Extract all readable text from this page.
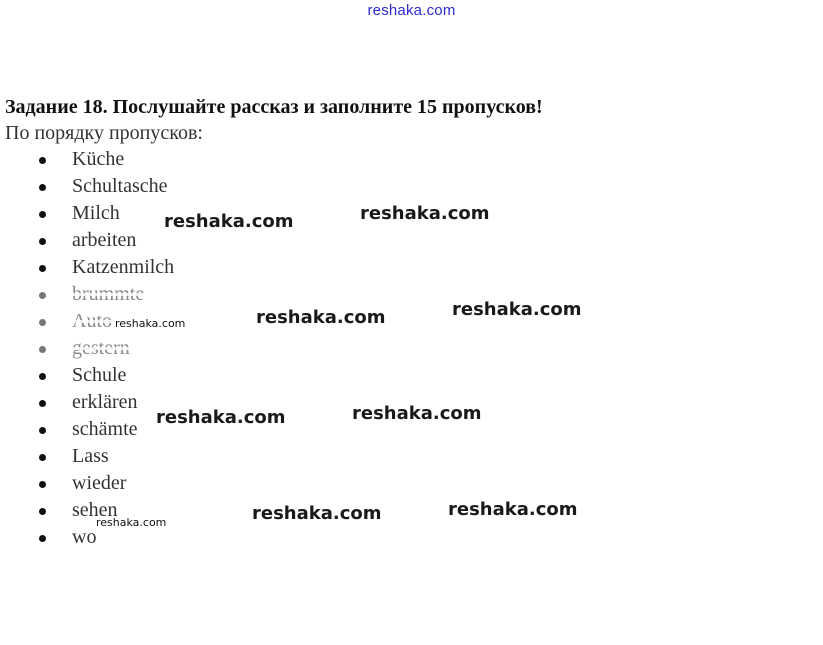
reshaka.com
Задание 18. Послушайте рассказ и заполните 15 пропусков!

По порядку пропусков:

Küche
Schultasche
Milch
arbeiten
Katzenmilch
brummte
Auto
gestern
Schule
erklären
schämte
Lass
wieder
sehen
wo
reshaka.com	reshaka.com
reshaka.com	reshaka.com	reshaka.com
reshaka.com	reshaka.com
reshaka.com	reshaka.com	reshaka.com
